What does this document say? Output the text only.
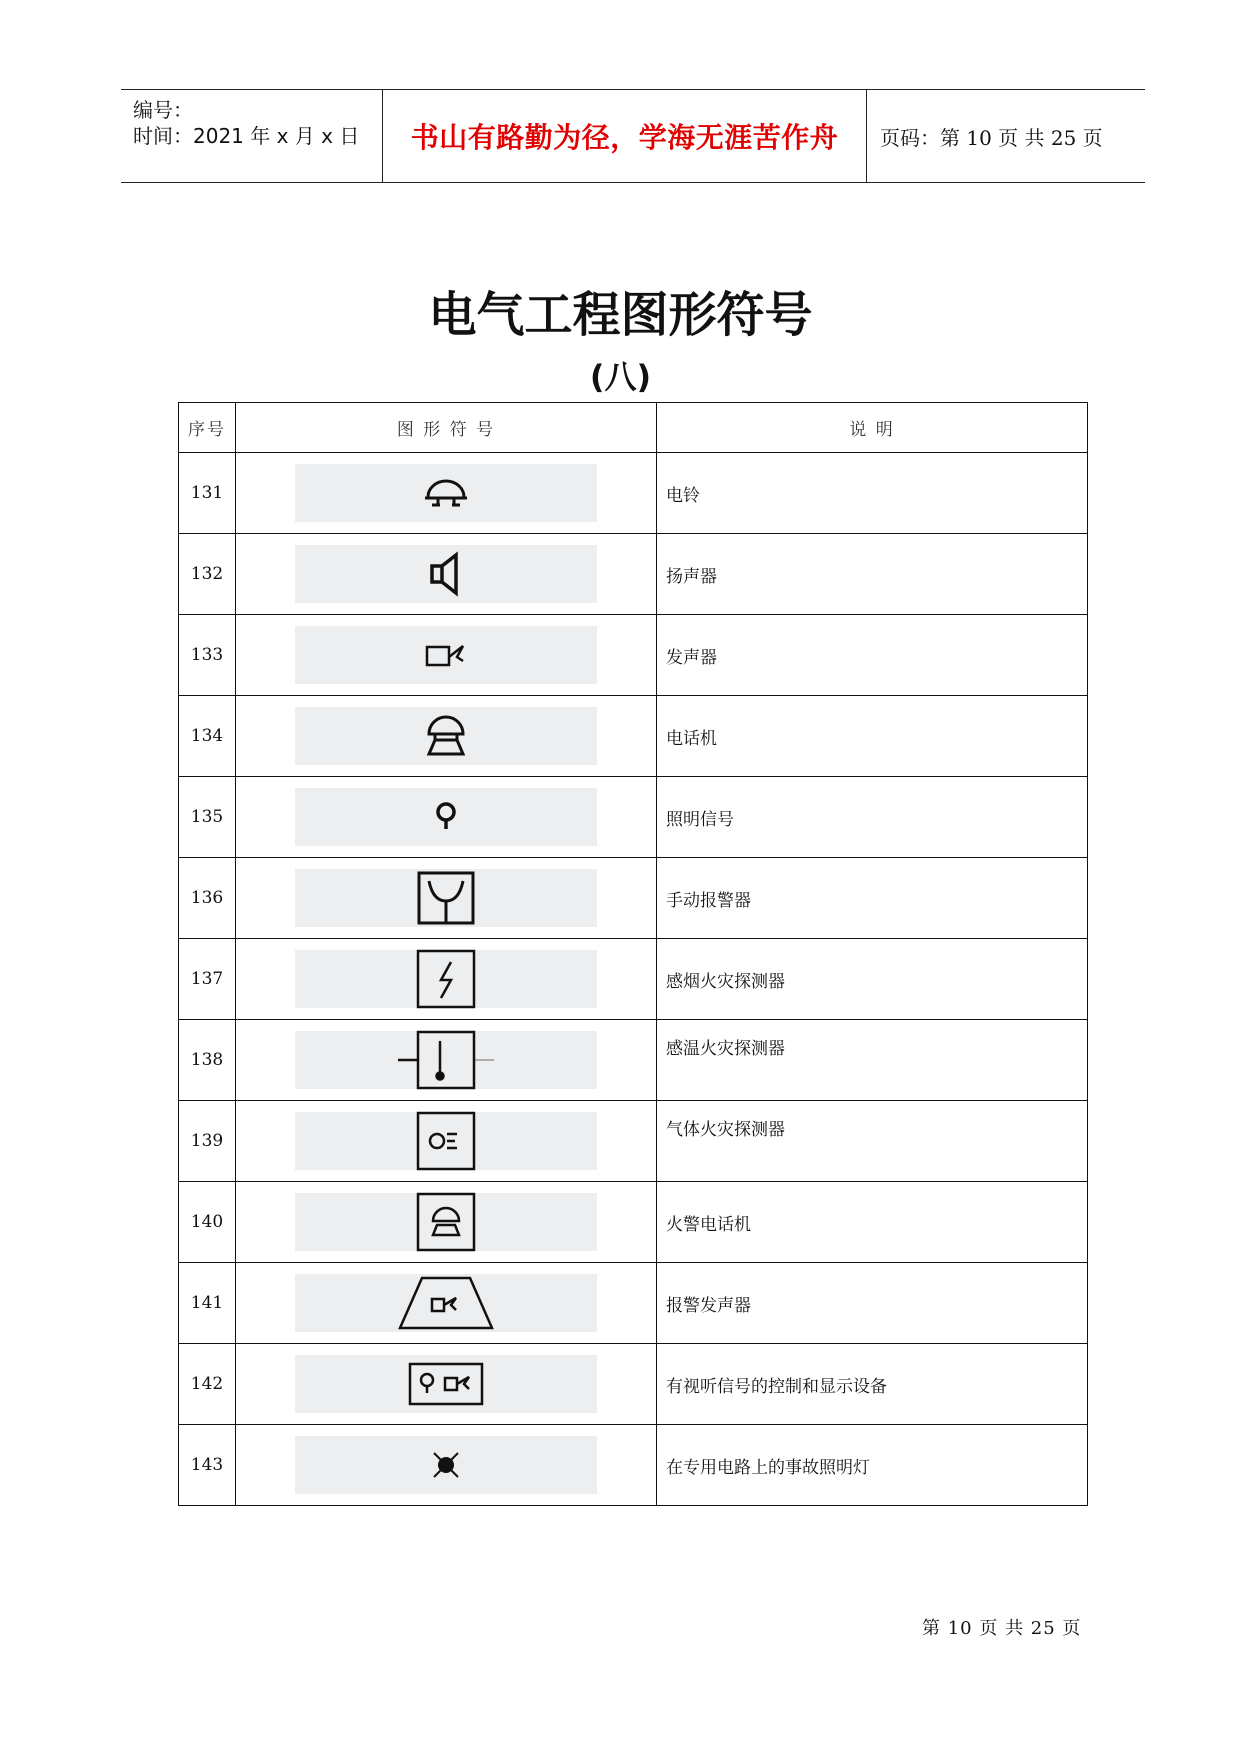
编号：
时间：2021 年 x 月 x 日 书山有路勤为径，学海无涯苦作舟 页码：第 10 页 共 25 页
电气工程图形符号
(八)
序号	图 形 符 号	说 明
131		电铃
132		扬声器
133		发声器
134		电话机
135		照明信号
136		手动报警器
137		感烟火灾探测器
138		感温火灾探测器
139		气体火灾探测器
140		火警电话机
141		报警发声器
142		有视听信号的控制和显示设备
143		在专用电路上的事故照明灯
第 10 页 共 25 页
